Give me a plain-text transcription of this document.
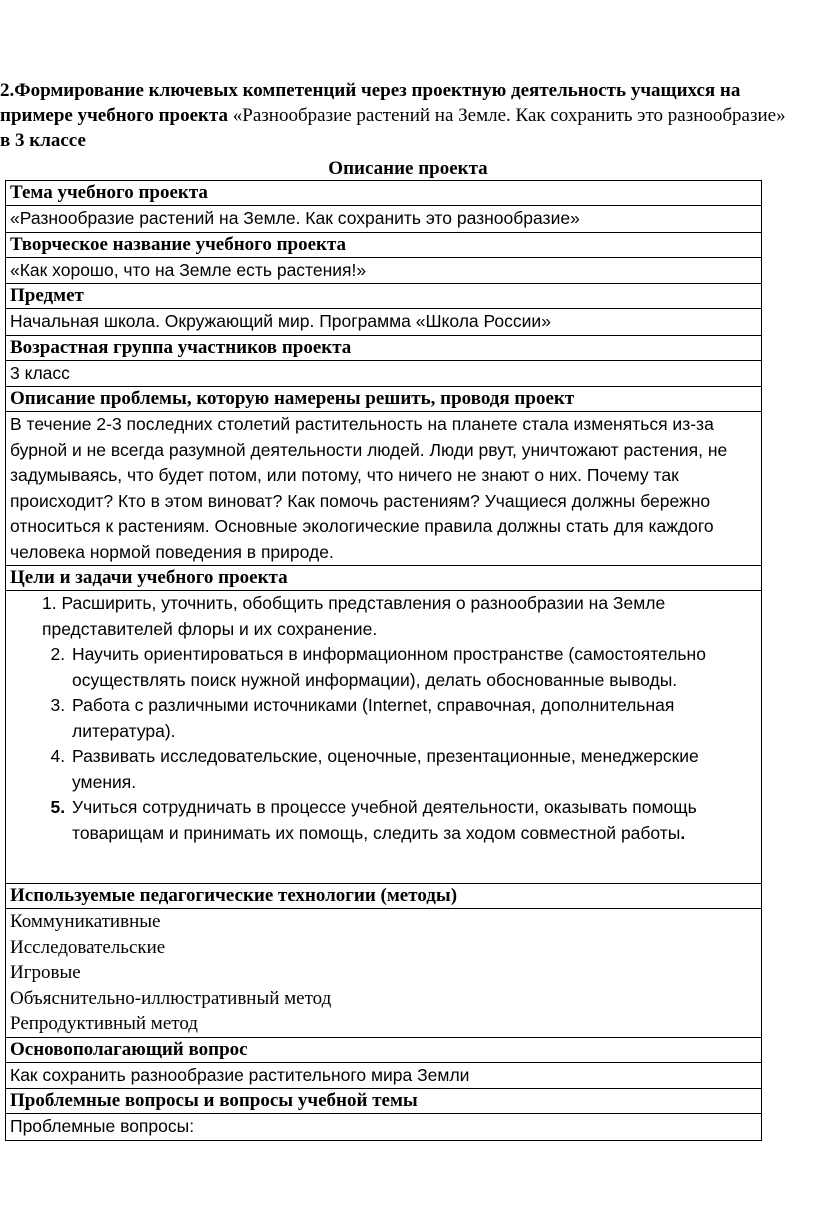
2.Формирование ключевых компетенций через проектную деятельность учащихся на примере учебного проекта «Разнообразие растений на Земле. Как сохранить это разнообразие» в 3 классе
Описание проекта
Тема учебного проекта
«Разнообразие растений на Земле. Как сохранить это разнообразие»
Творческое название учебного проекта
«Как хорошо, что на Земле есть растения!»
Предмет
Начальная школа. Окружающий мир. Программа «Школа России»
Возрастная группа участников проекта
3 класс
Описание проблемы, которую намерены решить, проводя проект
В течение 2-3 последних столетий растительность на планете стала изменяться из-за бурной и не всегда разумной деятельности людей. Люди рвут, уничтожают растения, не задумываясь, что будет потом, или потому, что ничего не знают о них. Почему так происходит? Кто в этом виноват? Как помочь растениям? Учащиеся должны бережно относиться к растениям. Основные экологические правила должны стать для каждого человека нормой поведения в природе.
Цели и задачи учебного проекта

1. Расширить, уточнить, обобщить представления о разнообразии на Земле представителей флоры и их сохранение.
2. Научить ориентироваться в информационном пространстве (самостоятельно осуществлять поиск нужной информации), делать обоснованные выводы.
3. Работа с различными источниками (Internet, справочная, дополнительная литература).
4. Развивать исследовательские, оценочные, презентационные, менеджерские умения.
5. Учиться сотрудничать в процессе учебной деятельности, оказывать помощь товарищам и принимать их помощь, следить за ходом совместной работы.

Используемые педагогические технологии (методы)

Коммуникативные
Исследовательские
Игровые
Объяснительно-иллюстративный метод
Репродуктивный метод

Основополагающий вопрос
Как сохранить разнообразие растительного мира Земли
Проблемные вопросы и вопросы учебной темы
Проблемные вопросы:
